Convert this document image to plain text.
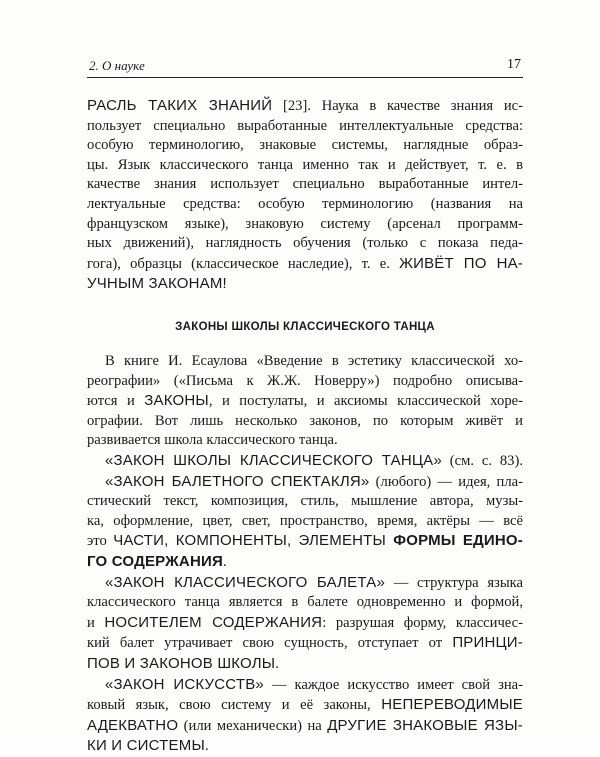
2. О науке	17
РАСЛЬ ТАКИХ ЗНАНИЙ [23]. Наука в качестве знания ис-
пользует специально выработанные интеллектуальные средства:
особую терминологию, знаковые системы, наглядные образ-
цы. Язык классического танца именно так и действует, т. е. в
качестве знания использует специально выработанные интел-
лектуальные средства: особую терминологию (названия на
французском языке), знаковую систему (арсенал программ-
ных движений), наглядность обучения (только с показа педа-
гога), образцы (классическое наследие), т. е. ЖИВЁТ ПО НА-
УЧНЫМ ЗАКОНАМ!
ЗАКОНЫ ШКОЛЫ КЛАССИЧЕСКОГО ТАНЦА
В книге И. Есаулова «Введение в эстетику классической хо-
реографии» («Письма к Ж.Ж. Новерру») подробно описыва-
ются и ЗАКОНЫ, и постулаты, и аксиомы классической хоре-
ографии. Вот лишь несколько законов, по которым живёт и
развивается школа классического танца.
«ЗАКОН ШКОЛЫ КЛАССИЧЕСКОГО ТАНЦА» (см. с. 83).
«ЗАКОН БАЛЕТНОГО СПЕКТАКЛЯ» (любого) — идея, пла-
стический текст, композиция, стиль, мышление автора, музы-
ка, оформление, цвет, свет, пространство, время, актёры — всё
это ЧАСТИ, КОМПОНЕНТЫ, ЭЛЕМЕНТЫ ФОРМЫ ЕДИНО-
ГО СОДЕРЖАНИЯ.
«ЗАКОН КЛАССИЧЕСКОГО БАЛЕТА» — структура языка
классического танца является в балете одновременно и формой,
и НОСИТЕЛЕМ СОДЕРЖАНИЯ: разрушая форму, классичес-
кий балет утрачивает свою сущность, отступает от ПРИНЦИ-
ПОВ И ЗАКОНОВ ШКОЛЫ.
«ЗАКОН ИСКУССТВ» — каждое искусство имеет свой зна-
ковый язык, свою систему и её законы, НЕПЕРЕВОДИМЫЕ
АДЕКВАТНО (или механически) на ДРУГИЕ ЗНАКОВЫЕ ЯЗЫ-
КИ И СИСТЕМЫ.
